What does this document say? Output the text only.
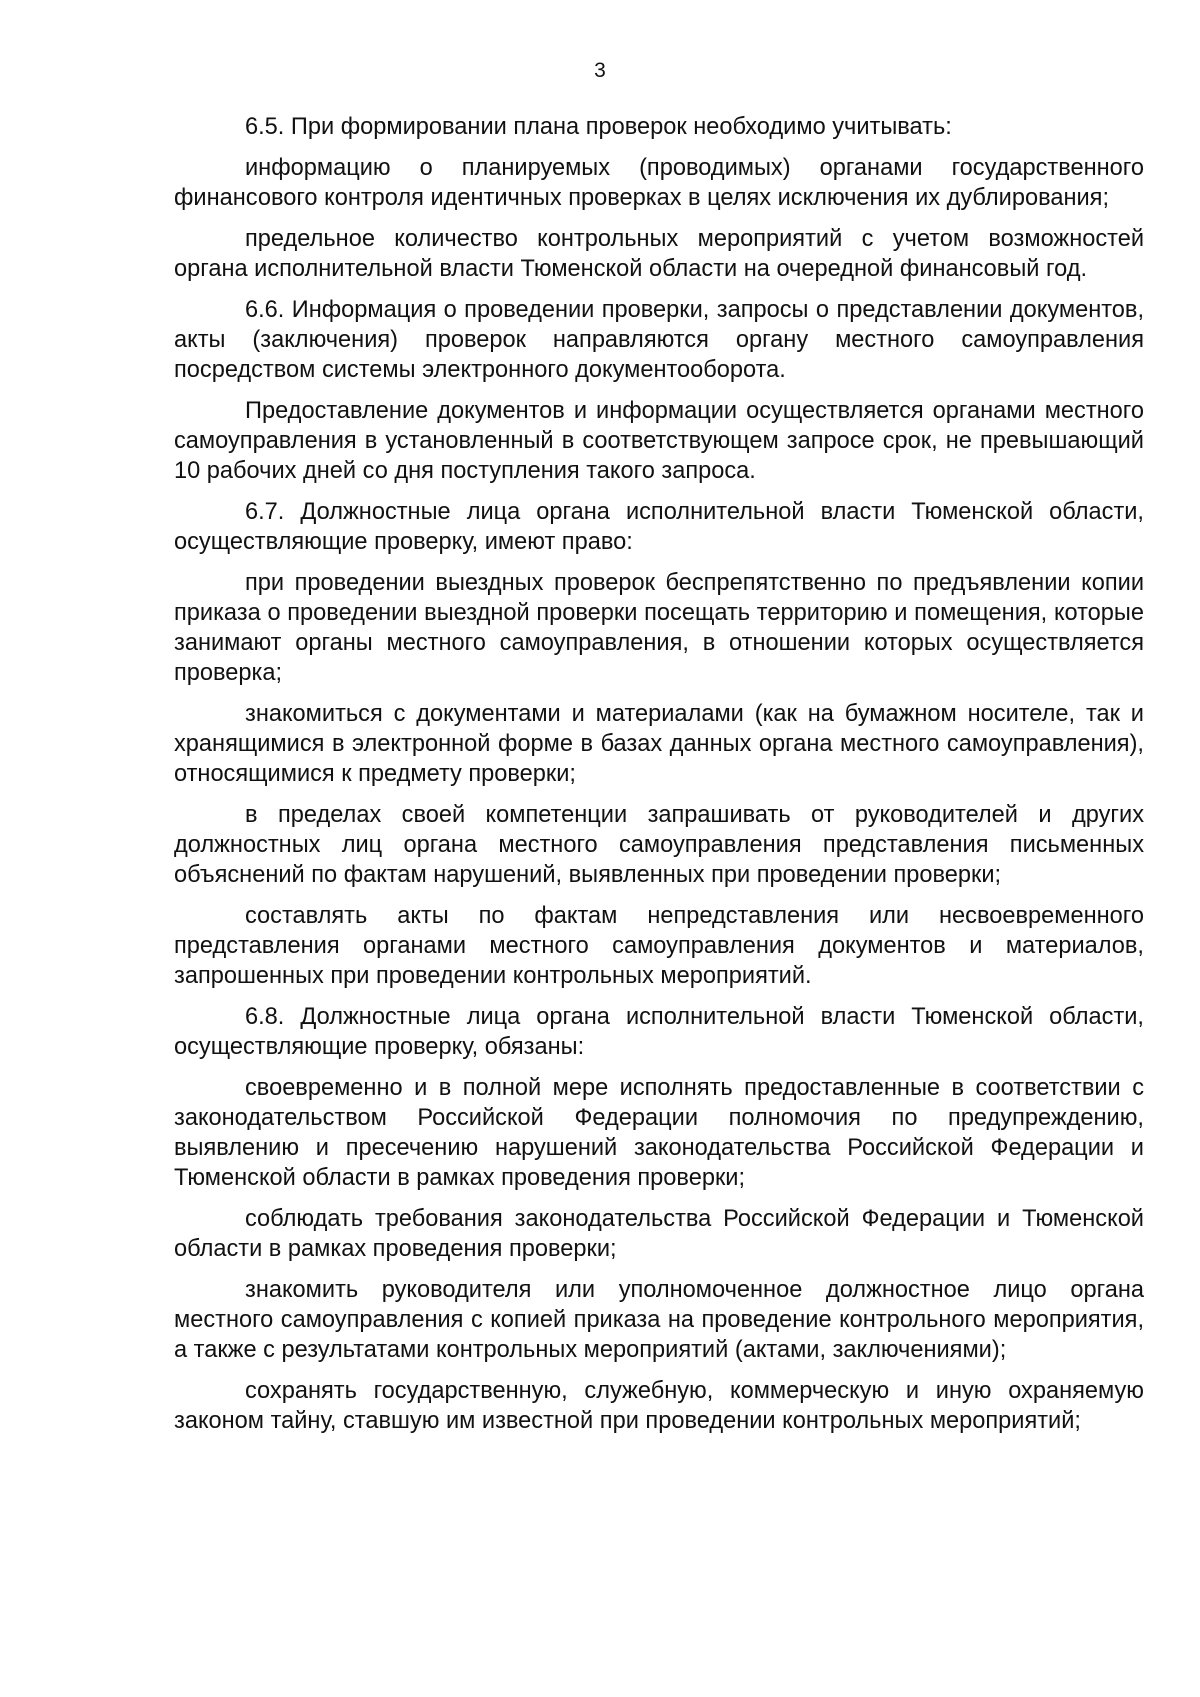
3

6.5. При формировании плана проверок необходимо учитывать:

информацию о планируемых (проводимых) органами государственного финансового контроля идентичных проверках в целях исключения их дублирования;

предельное количество контрольных мероприятий с учетом возможностей органа исполнительной власти Тюменской области на очередной финансовый год.

6.6. Информация о проведении проверки, запросы о представлении документов, акты (заключения) проверок направляются органу местного самоуправления посредством системы электронного документооборота.

Предоставление документов и информации осуществляется органами местного самоуправления в установленный в соответствующем запросе срок, не превышающий 10 рабочих дней со дня поступления такого запроса.

6.7. Должностные лица органа исполнительной власти Тюменской области, осуществляющие проверку, имеют право:

при проведении выездных проверок беспрепятственно по предъявлении копии приказа о проведении выездной проверки посещать территорию и помещения, которые занимают органы местного самоуправления, в отношении которых осуществляется проверка;

знакомиться с документами и материалами (как на бумажном носителе, так и хранящимися в электронной форме в базах данных органа местного самоуправления), относящимися к предмету проверки;

в пределах своей компетенции запрашивать от руководителей и других должностных лиц органа местного самоуправления представления письменных объяснений по фактам нарушений, выявленных при проведении проверки;

составлять акты по фактам непредставления или несвоевременного представления органами местного самоуправления документов и материалов, запрошенных при проведении контрольных мероприятий.

6.8. Должностные лица органа исполнительной власти Тюменской области, осуществляющие проверку, обязаны:

своевременно и в полной мере исполнять предоставленные в соответствии с законодательством Российской Федерации полномочия по предупреждению, выявлению и пресечению нарушений законодательства Российской Федерации и Тюменской области в рамках проведения проверки;

соблюдать требования законодательства Российской Федерации и Тюменской области в рамках проведения проверки;

знакомить руководителя или уполномоченное должностное лицо органа местного самоуправления с копией приказа на проведение контрольного мероприятия, а также с результатами контрольных мероприятий (актами, заключениями);

сохранять государственную, служебную, коммерческую и иную охраняемую законом тайну, ставшую им известной при проведении контрольных мероприятий;
